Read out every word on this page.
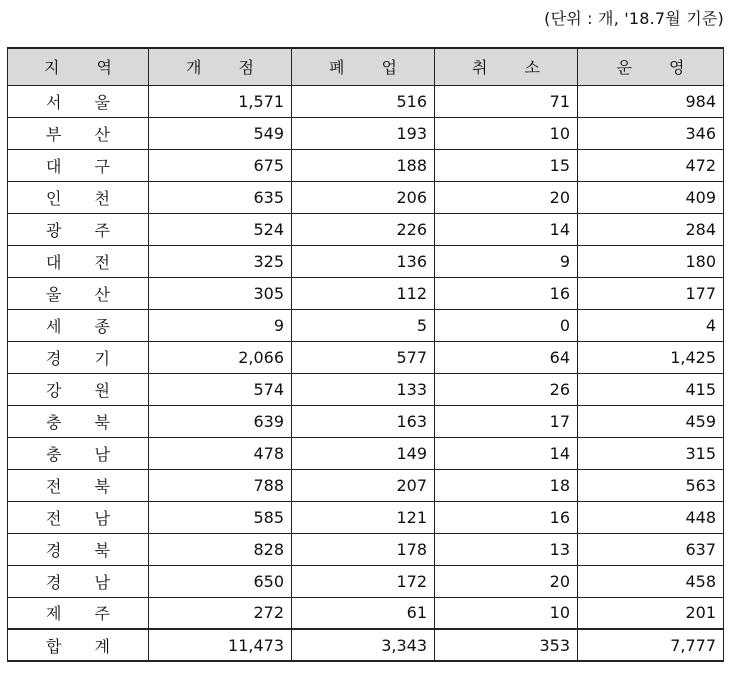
(단위 : 개, '18.7월 기준)
지 역	개 점	폐 업	취 소	운 영
서 울	1,571	516	71	984
부 산	549	193	10	346
대 구	675	188	15	472
인 천	635	206	20	409
광 주	524	226	14	284
대 전	325	136	9	180
울 산	305	112	16	177
세 종	9	5	0	4
경 기	2,066	577	64	1,425
강 원	574	133	26	415
충 북	639	163	17	459
충 남	478	149	14	315
전 북	788	207	18	563
전 남	585	121	16	448
경 북	828	178	13	637
경 남	650	172	20	458
제 주	272	61	10	201
합 계	11,473	3,343	353	7,777
